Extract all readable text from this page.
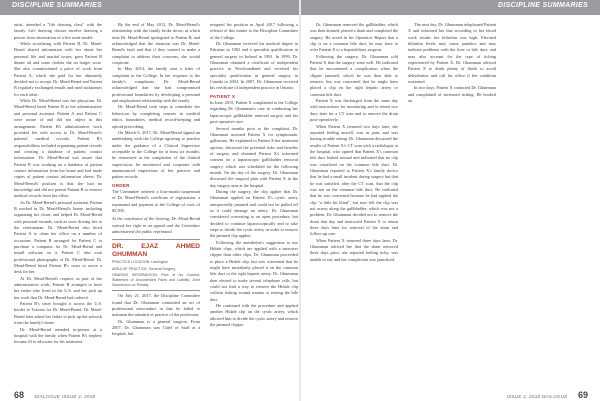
DISCIPLINE SUMMARIES	DISCIPLINE SUMMARIES

artist, attended a "life drawing class" with the family. Life drawing classes involve drawing a person from observation of a live nude model.

While socializing with Patient B, Dr. Mead-Bernd shared information with her about her personal life and marital issues, gave Patient B dinner oil and some clothes she no longer wore. She also commissioned a piece of work from Patient A, which she paid for but ultimately decided not to accept. Dr. Mead-Bernd and Patient B regularly exchanged emails and used nicknames for each other.

While Dr. Mead-Bernd was her physician, Dr. Mead-Bernd hired Patient B as her administrative and personal assistant. Patient A and Patient C were aware of and did not object to this arrangement. Patient B's administrative work provided her with access to Dr. Mead-Bernd's patients' medical records. Patient B's responsibilities included organizing patient records and creating a database of patient contact information. Dr. Mead-Bernd was aware that Patient B was working on a database of patient contact information from her home and had made copies of patient contact information sheets. Dr. Mead-Bernd's position is that she had no knowledge and did not permit Patient B to remove medical records from her office.

As Dr. Mead-Bernd's personal assistant, Patient B worked in Dr. Mead-Bernd's home, including organizing her closet, and helped Dr. Mead-Bernd with personal errands, such as once driving her to the veterinarian. Dr. Mead-Bernd also hired Patient A to clean her office on a number of occasions. Patient B arranged for Patient C to purchase a computer for Dr. Mead-Bernd and install software on it. Patient C also took professional photographs of Dr. Mead-Bernd. Dr. Mead-Bernd hired Patient B's sister to move a desk for her.

At Dr. Mead-Bernd's request, as part of her administrative work, Patient B arranged to have her father who lived in the U.S. and her pick up her work that Dr. Mead-Bernd had ordered.

Patient B's sister brought it across the U.S. border to Toronto for Dr. Mead-Bernd. Dr. Mead-Bernd later asked her father to pick up the artwork from the family's home.

Dr. Mead-Bernd attended in-person at a hospital with the family when Patient B's nephew became ill to advocate for his treatment.

By the end of May 2012, Dr. Mead-Bernd's relationship with the family broke down, at which time Dr. Mead-Bernd apologized to Patient B, and acknowledged that the situation was Dr. Mead-Bernd's fault and that if they wanted to make a complaint to address their concerns, she would cooperate.

In May 2014, the family sent a letter of complaint to the College. In her response to the family's complaints, Dr. Mead-Bernd acknowledged that she had compromised professional boundaries by developing a personal and employment relationship with the family.

Dr. Mead-Bernd took steps to remediate her behaviour by completing courses in medical ethics, boundaries, medical record-keeping and opioid prescribing.

On March 6, 2017, Dr. Mead-Bernd signed an undertaking with the College agreeing to practise under the guidance of a Clinical Supervisor acceptable to the College for at least six months; be reassessed at the completion of the clinical supervision; be monitored and cooperate with unannounced inspections of her practice and patient records.

ORDER

The Committee ordered: a four-month suspension of Dr. Mead-Bernd's certificate of registration, a reprimand and payment to the College of costs of $5,500.

At the conclusion of the hearing, Dr. Mead-Bernd waived her right to an appeal and the Committee administered the public reprimand.

DR. EJAZ AHMED GHUMMAN
PRACTICE LOCATION: Lamington
AREA OF PRACTICE: General Surgery
HEARING INFORMATION: Plea of No Contest; Statement of Uncontested Facts and Liability; Joint Submission on Penalty

On July 21, 2017, the Discipline Committee found that Dr. Ghumman committed an act of professional misconduct in that he failed to maintain the standard of practice of the profession.

Dr. Ghumman is a general surgeon. From 2007, Dr. Ghumman was Chief of Staff at a hospital, but

resigned his position in April 2017 following a referral of this matter to the Discipline Committee of the College.

Dr. Ghumman received his medical degree in Pakistan in 1982 and a specialist qualification in general surgery in Ireland in 1991. In 1999, Dr. Ghumman obtained a certificate of independent practice in Newfoundland and received his specialist qualification in general surgery in Canada in 2004. In 2007, Dr. Ghumman received his certificate of independent practice in Ontario.

PATIENT X

In June, 2015, Patient X complained to the College regarding Dr. Ghumman's care in conducting her laparoscopic gallbladder removal surgery and his post-operative care.

Several months prior to the complaint, Dr. Ghumman assessed Patient X for symptomatic gallstones. He explained to Patient X her treatment options, discussed the potential risks and benefits of surgery and obtained Patient X's informed consent for a laparoscopic gallbladder removal surgery, which was scheduled for the following month. On the day of the surgery, Dr. Ghumman discussed the surgical plan with Patient X in the day surgery area at the hospital.

During the surgery, the clip applier that Dr. Ghumman applied on Patient X's cystic artery unexpectedly jammed and could not be pulled off as it could damage an artery. Dr. Ghumman considered converting to an open procedure, but decided to continue laparoscopically and to take steps to divide the cystic artery in order to remove the jammed clip applier.

Following the anesthetist's suggestion to use Hidale clips, which are applied with a narrower clipper than other clips, Dr. Ghumman proceeded to place a Hidale clip, but was concerned that he might have mistakenly placed it on the common bile duct or the right hepatic artery. Dr. Ghumman then elected to make several telephone calls, but could not find a way to remove the Hidale clip without risking wound trauma or tearing the bile duct.

He continued with the procedure and applied another Hidale clip on the cystic artery, which allowed him to divide the cystic artery and remove the jammed clipper.

Dr. Ghumman removed the gallbladder, which was then drained, placed a drain and completed the surgery. He noted in his Operative Report that a clip is on a common bile duct, he may have to refer Patient X to a hepatobiliary surgeon.

Following the surgery, Dr. Ghumman told Patient X that the surgery went well. He indicated that he encountered a complication when the clipper jammed, which he was then able to remove, but was concerned that he might have placed a clip on her right hepatic artery or common bile duct.

Patient X was discharged from the same day with instructions for monitoring and to return two days later for a CT scan and to remove the drain post-operatively.

When Patient X returned two days later, she reported feeling unwell, was in pain, and was having trouble eating. Dr. Ghumman discussed the results of Patient X's CT scan with a radiologist at the hospital, who opined that Patient X's common bile duct looked normal and indicated that no clip was visualized on the common bile duct. Dr. Ghumman reported to Patient X's family doctor that he had a small incident during surgery but that he was satisfied, after the CT scan, that the clip was not on the common bile duct. He indicated that he was concerned because he had applied the clip "a little bit blind", but now felt the clip was not across along the gallbladder, which was not a problem. Dr. Ghumman decided not to remove the drain that day and instructed Patient X to return three days later for removal of the drain and follow-up care.

When Patient X returned three days later, Dr. Ghumman advised her that the drain removed three days prior, she reported feeling itchy, was unable to eat, and her complexion was jaundiced.

The next day, Dr. Ghumman telephoned Patient X and informed her that according to her blood work results her bilirubin was high. Elevated bilirubin levels may cause jaundice and may indicate problems with the liver or bile duct, and may also account for the type of itching experienced by Patient X. Dr. Ghumman advised Patient X to drink plenty of fluids to avoid dehydration and call his office if her condition worsened.

In two days, Patient X contacted Dr. Ghumman and complained of increased itching. He booked an

68 DIALOGUE ISSUE 2, 2018	ISSUE 2, 2018 DIALOGUE 69
